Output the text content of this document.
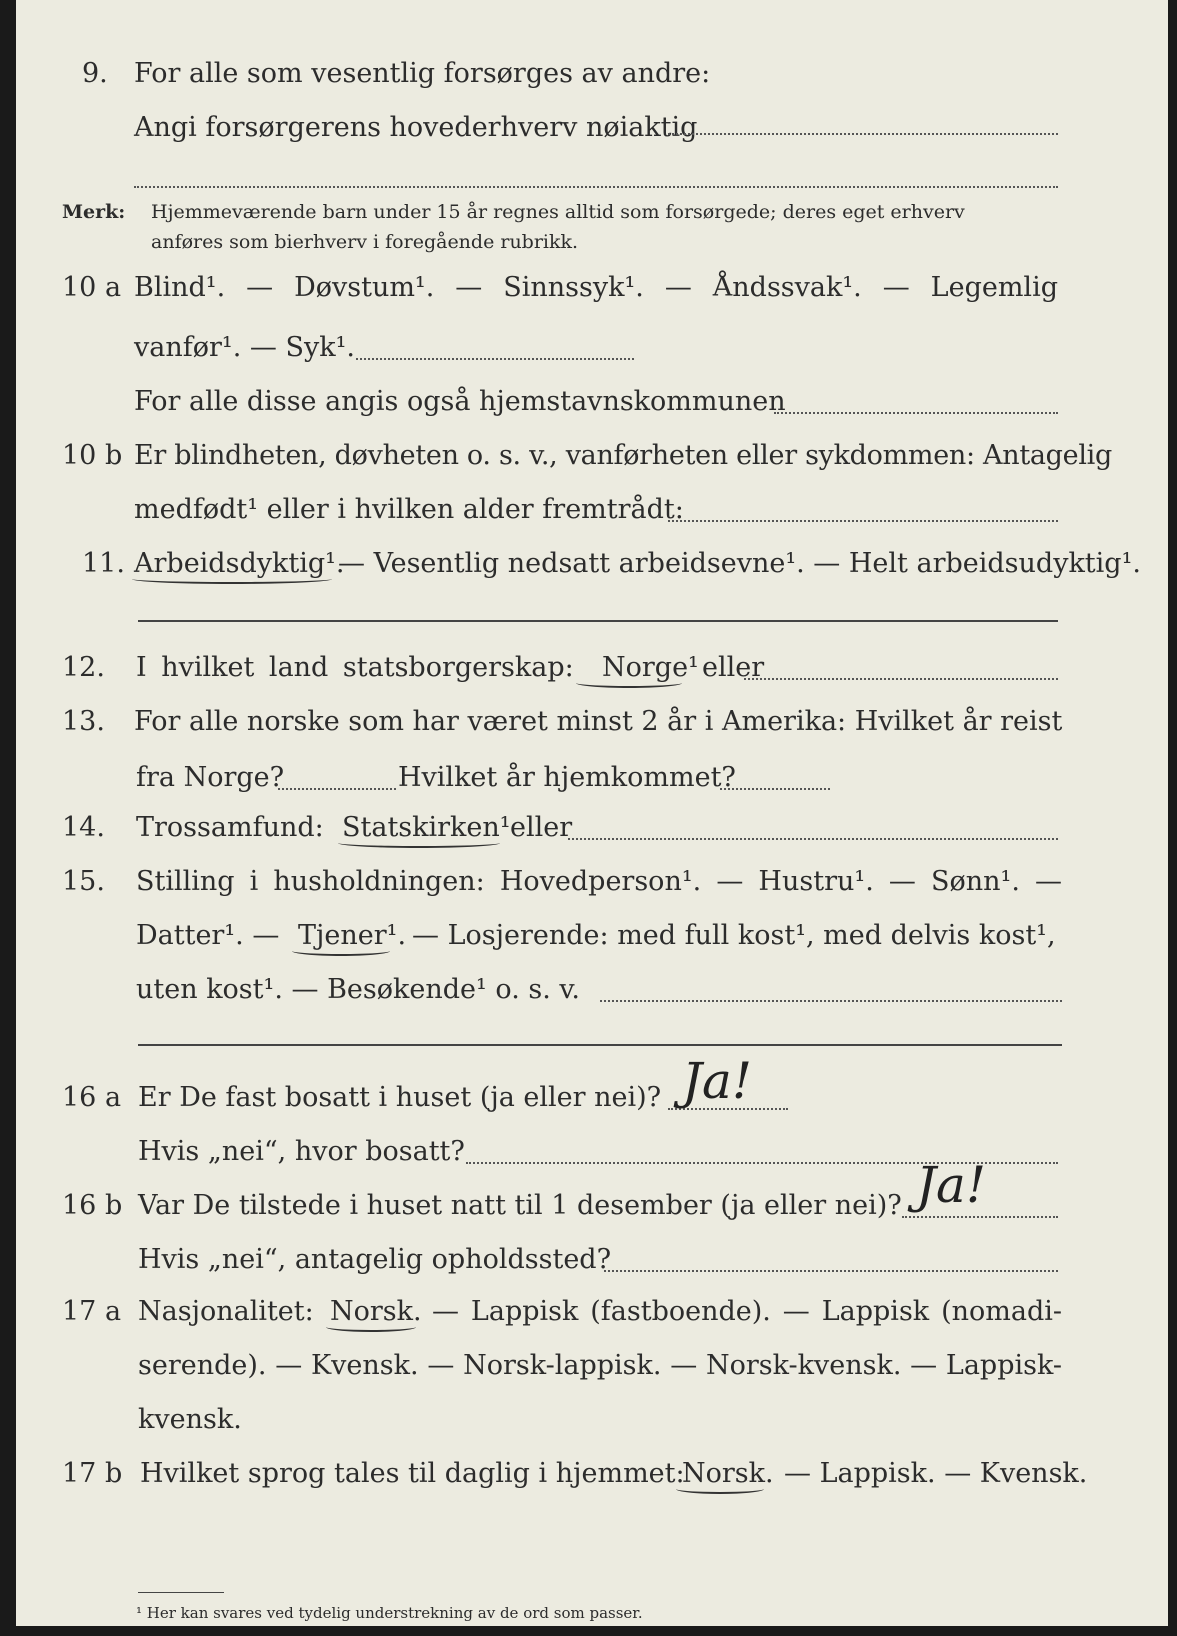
9. For alle som vesentlig forsørges av andre:
Angi forsørgerens hovederhverv nøiaktig
Merk: Hjemmeværende barn under 15 år regnes alltid som forsørgede; deres eget erhverv
anføres som bierhverv i foregående rubrikk.
10 a Blind¹. — Døvstum¹. — Sinnssyk¹. — Åndssvak¹. — Legemlig
vanfør¹. — Syk¹.
For alle disse angis også hjemstavnskommunen
10 b Er blindheten, døvheten o. s. v., vanførheten eller sykdommen: Antagelig
medfødt¹ eller i hvilken alder fremtrådt:
11. Arbeidsdyktig¹.
— Vesentlig nedsatt arbeidsevne¹. — Helt arbeidsudyktig¹.
12. I hvilket land statsborgerskap: Norge¹ eller
13. For alle norske som har været minst 2 år i Amerika: Hvilket år reist
fra Norge?	Hvilket år hjemkommet?
14. Trossamfund: Statskirken¹ eller
15. Stilling i husholdningen: Hovedperson¹. — Hustru¹. — Sønn¹. —
Datter¹. — Tjener¹. — Losjerende: med full kost¹, med delvis kost¹,
uten kost¹. — Besøkende¹ o. s. v.
16 a Er De fast bosatt i huset (ja eller nei)? Ja!
Hvis „nei“, hvor bosatt?
16 b Var De tilstede i huset natt til 1 desember (ja eller nei)? Ja!
Hvis „nei“, antagelig opholdssted?
17 a Nasjonalitet: Norsk. — Lappisk (fastboende). — Lappisk (nomadi-
serende). — Kvensk. — Norsk-lappisk. — Norsk-kvensk. — Lappisk-
kvensk.
17 b Hvilket sprog tales til daglig i hjemmet:
Norsk. — Lappisk. — Kvensk.
¹ Her kan svares ved tydelig understrekning av de ord som passer.
